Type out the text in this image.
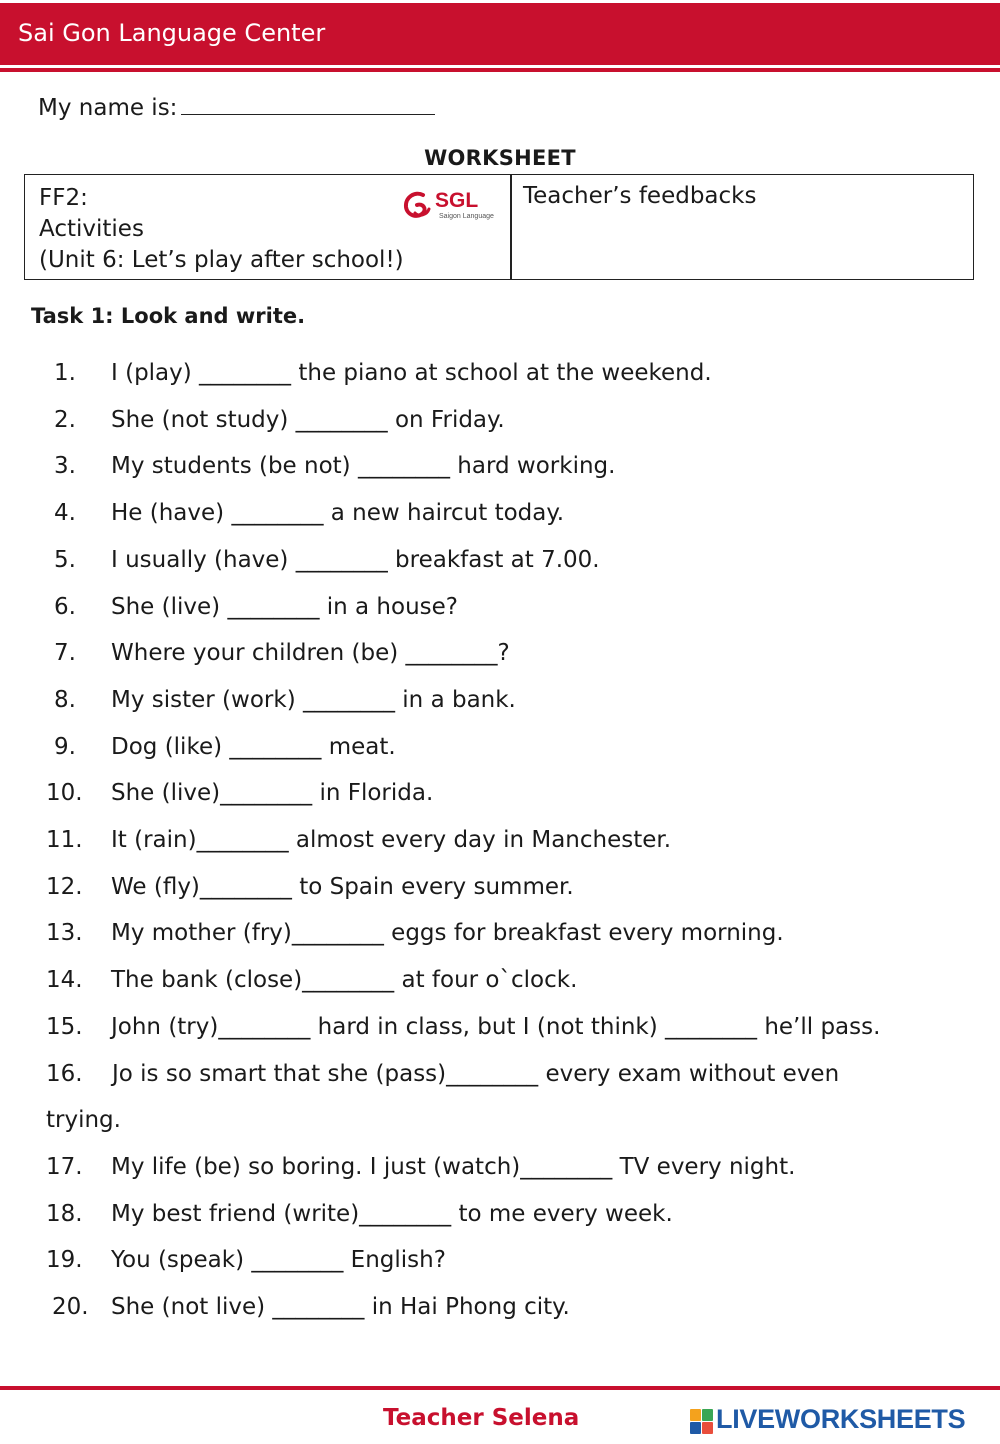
Sai Gon Language Center
My name is:
WORKSHEET
FF2:
Activities
(Unit 6: Let’s play after school!)
SGL
Saigon Language
Teacher’s feedbacks
Task 1: Look and write.
1. I (play) ________ the piano at school at the weekend.
2. She (not study) ________ on Friday.
3. My students (be not) ________ hard working.
4. He (have) ________ a new haircut today.
5. I usually (have) ________ breakfast at 7.00.
6. She (live) ________ in a house?
7. Where your children (be) ________?
8. My sister (work) ________ in a bank.
9. Dog (like) ________ meat.
10. She (live)________ in Florida.
11. It (rain)________ almost every day in Manchester.
12. We (fly)________ to Spain every summer.
13. My mother (fry)________ eggs for breakfast every morning.
14. The bank (close)________ at four o`clock.
15. John (try)________ hard in class, but I (not think) ________ he’ll pass.
16. Jo is so smart that she (pass)________ every exam without even
trying.
17. My life (be) so boring. I just (watch)________ TV every night.
18. My best friend (write)________ to me every week.
19. You (speak) ________ English?
20. She (not live) ________ in Hai Phong city.
Teacher Selena	LIVEWORKSHEETS
